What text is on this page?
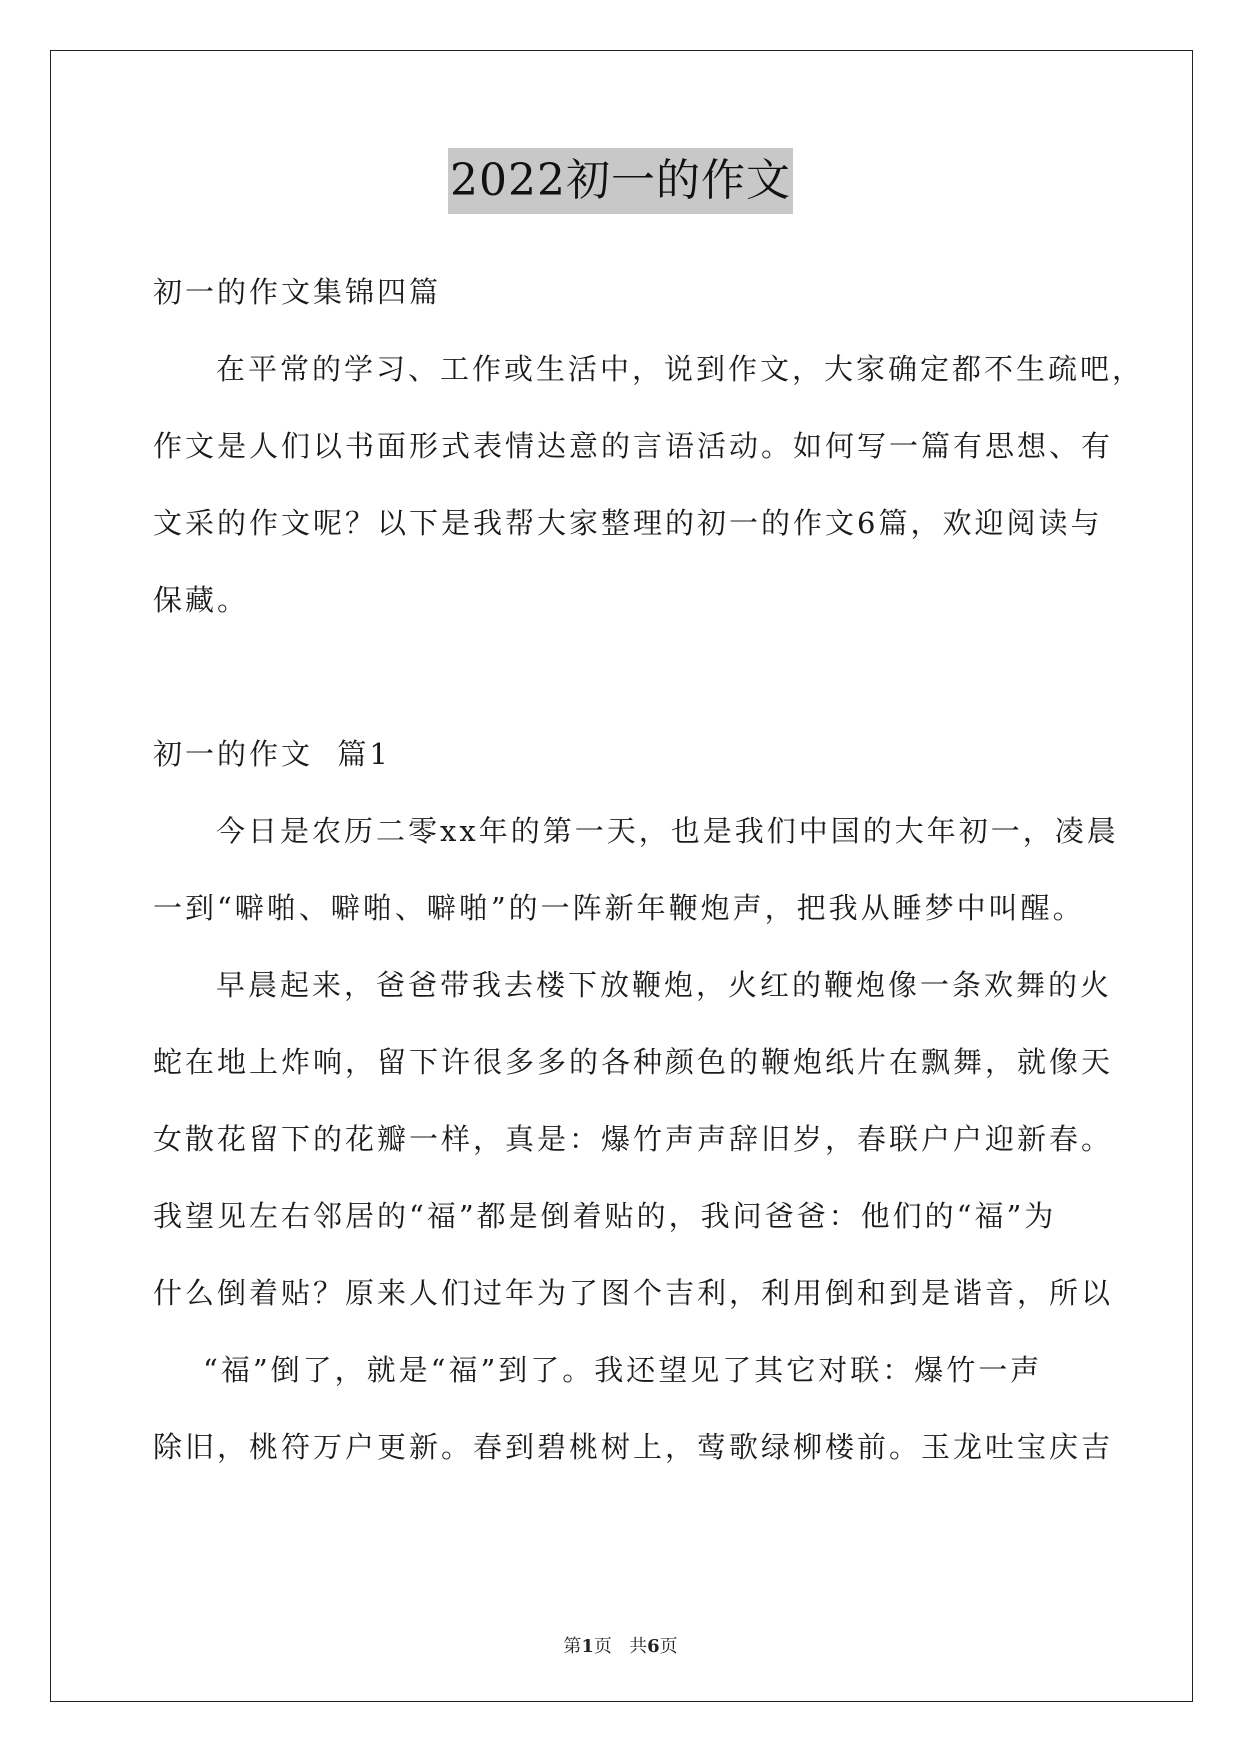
2022初一的作文
初一的作文集锦四篇
在平常的学习、工作或生活中，说到作文，大家确定都不生疏吧，
作文是人们以书面形式表情达意的言语活动。如何写一篇有思想、有
文采的作文呢？以下是我帮大家整理的初一的作文6篇，欢迎阅读与
保藏。
初一的作文  篇1
今日是农历二零xx年的第一天，也是我们中国的大年初一，凌晨
一到“噼啪、噼啪、噼啪”的一阵新年鞭炮声，把我从睡梦中叫醒。
早晨起来，爸爸带我去楼下放鞭炮，火红的鞭炮像一条欢舞的火
蛇在地上炸响，留下许很多多的各种颜色的鞭炮纸片在飘舞，就像天
女散花留下的花瓣一样，真是：爆竹声声辞旧岁，春联户户迎新春。
我望见左右邻居的“福”都是倒着贴的，我问爸爸：他们的“福”为
什么倒着贴？原来人们过年为了图个吉利，利用倒和到是谐音，所以
“福”倒了，就是“福”到了。我还望见了其它对联：爆竹一声
除旧，桃符万户更新。春到碧桃树上，莺歌绿柳楼前。玉龙吐宝庆吉
第1页   共6页
